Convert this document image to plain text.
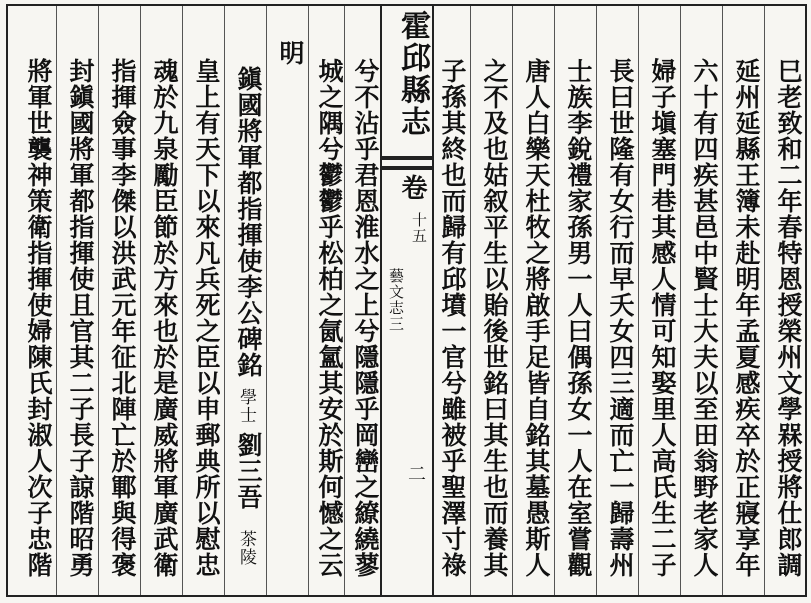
巳老致和二年春特恩授榮州文學槑授將仕郎調
延州延縣王簿未赴明年孟夏感疾卒於正寢享年
六十有四疾甚邑中賢士大夫以至田翁野老家人
婦子塡塞門巷其感人情可知娶里人高氏生二子
長曰世隆有女行而早夭女四三適而亡一歸壽州
士族李銳禮家孫男一人曰偶孫女一人在室嘗觀
唐人白樂天杜牧之將啟手足皆自銘其墓愚斯人
之不及也姑叙平生以貽後世銘曰其生也而養其
子孫其終也而歸有邱墳一官兮雖被乎聖澤寸祿
霍邱縣志
卷
十五
藝文志三
二
兮不沾乎君恩淮水之上兮隱隱乎岡巒之繚繞蓼
城之隅兮鬱鬱乎松柏之氤氳其安於斯何憾之云
明
鎭國將軍都指揮使李公碑銘
學士
劉三吾
茶陵
皇上有天下以來凡兵死之臣以申郵典所以慰忠
魂於九泉勵臣節於方來也於是廣威將軍廣武衛
指揮僉事李傑以洪武元年征北陣亡於鄆與得褒
封鎭國將軍都指揮使且官其二子長子諒階昭勇
將軍世襲神策衛指揮使婦陳氏封淑人次子忠階
